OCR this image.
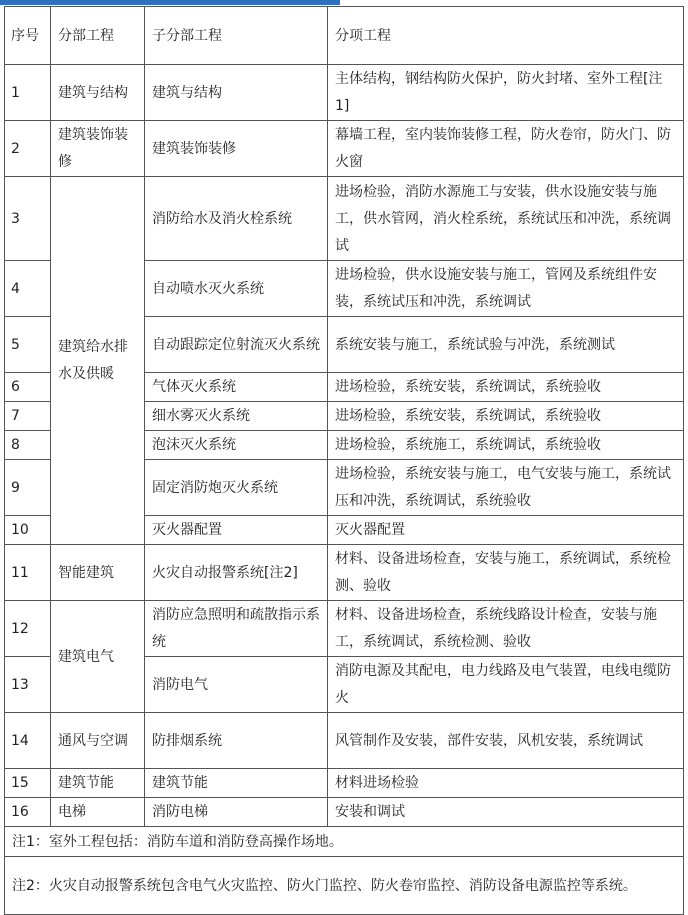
序号	分部工程	子分部工程	分项工程
1	建筑与结构	建筑与结构	主体结构，钢结构防火保护，防火封堵、室外工程[注1]
2	建筑装饰装修	建筑装饰装修	幕墙工程，室内装饰装修工程，防火卷帘，防火门、防火窗
3	建筑给水排水及供暖	消防给水及消火栓系统	进场检验，消防水源施工与安装，供水设施安装与施工，供水管网，消火栓系统，系统试压和冲洗，系统调试
4		自动喷水灭火系统	进场检验，供水设施安装与施工，管网及系统组件安装，系统试压和冲洗，系统调试
5		自动跟踪定位射流灭火系统	系统安装与施工，系统试验与冲洗，系统测试
6		气体灭火系统	进场检验，系统安装，系统调试，系统验收
7		细水雾灭火系统	进场检验，系统安装，系统调试，系统验收
8		泡沫灭火系统	进场检验，系统施工，系统调试，系统验收
9		固定消防炮灭火系统	进场检验，系统安装与施工，电气安装与施工，系统试压和冲洗，系统调试，系统验收
10		灭火器配置	灭火器配置
11	智能建筑	火灾自动报警系统[注2]	材料、设备进场检查，安装与施工，系统调试，系统检测、验收
12	建筑电气	消防应急照明和疏散指示系统	材料、设备进场检查，系统线路设计检查，安装与施工，系统调试，系统检测、验收
13		消防电气	消防电源及其配电，电力线路及电气装置，电线电缆防火
14	通风与空调	防排烟系统	风管制作及安装，部件安装，风机安装，系统调试
15	建筑节能	建筑节能	材料进场检验
16	电梯	消防电梯	安装和调试
注1：室外工程包括：消防车道和消防登高操作场地。			
注2：火灾自动报警系统包含电气火灾监控、防火门监控、防火卷帘监控、消防设备电源监控等系统。			
